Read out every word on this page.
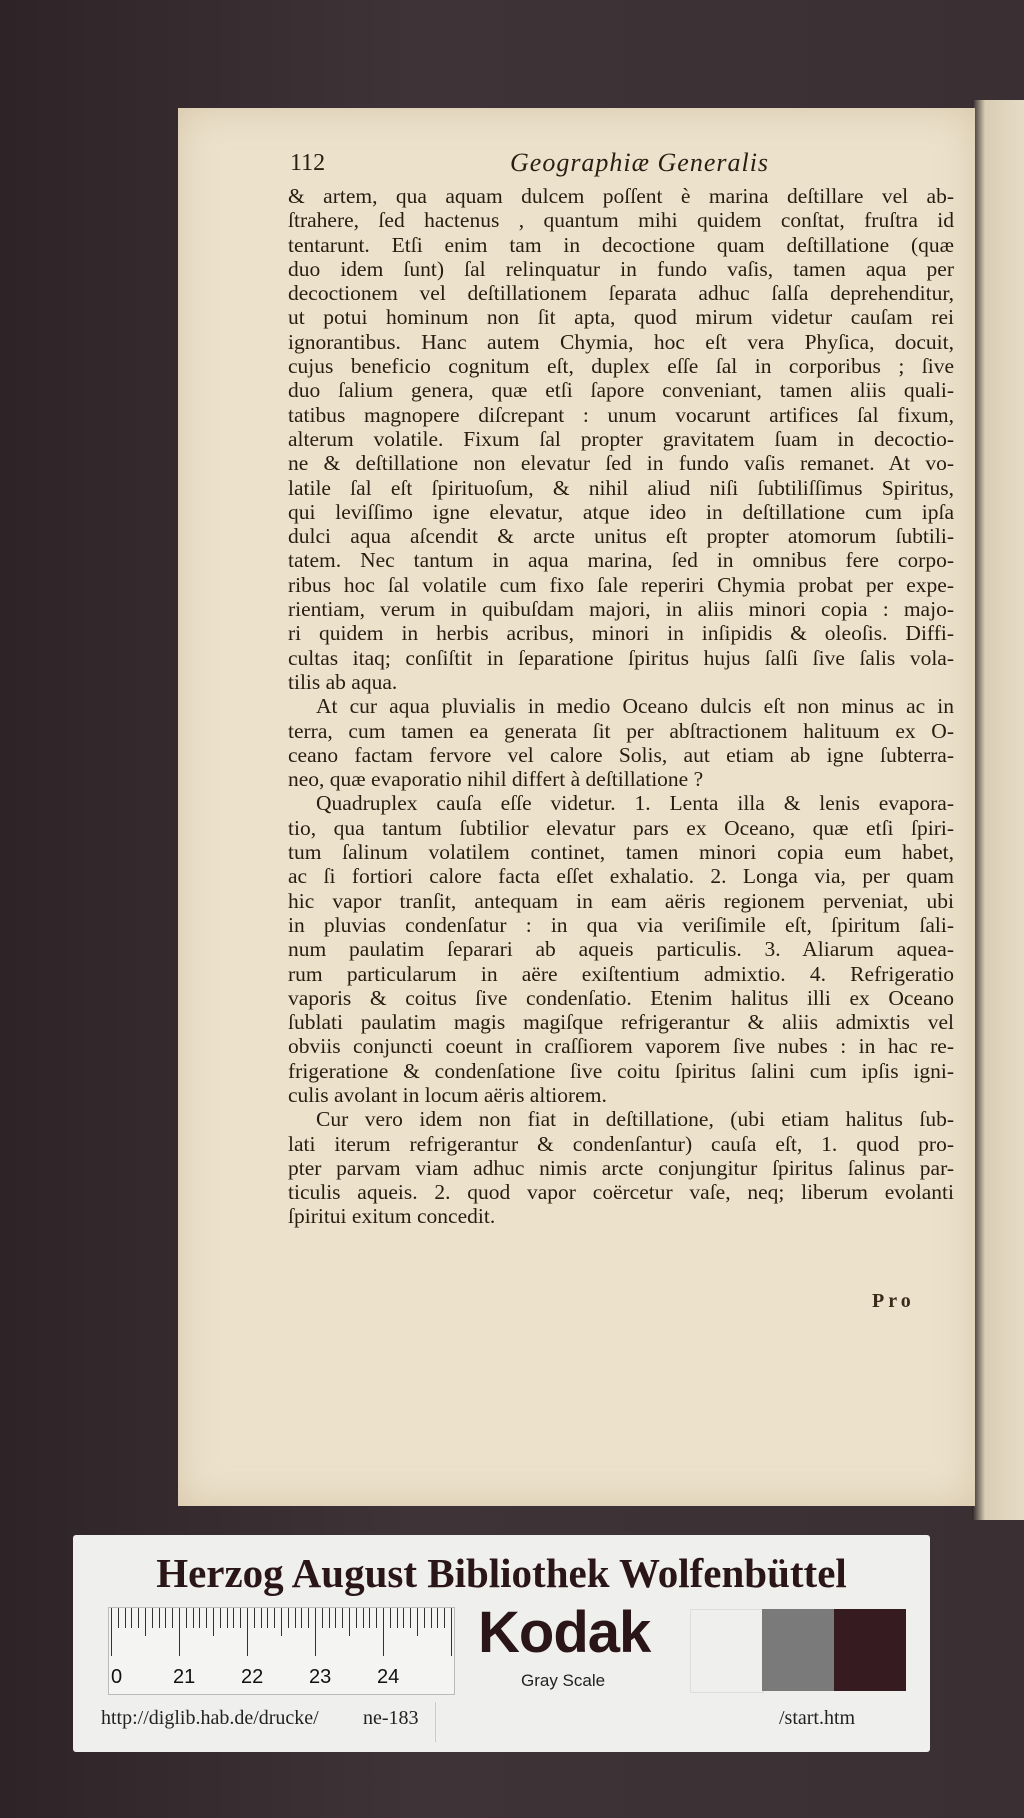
112	Geographiæ Generalis
& artem, qua aquam dulcem poſſent è marina deſtillare vel ab-
ſtrahere, ſed hactenus , quantum mihi quidem conſtat, fruſtra id
tentarunt. Etſi enim tam in decoctione quam deſtillatione (quæ
duo idem ſunt) ſal relinquatur in fundo vaſis, tamen aqua per
decoctionem vel deſtillationem ſeparata adhuc ſalſa deprehenditur,
ut potui hominum non ſit apta, quod mirum videtur cauſam rei
ignorantibus. Hanc autem Chymia, hoc eſt vera Phyſica, docuit,
cujus beneficio cognitum eſt, duplex eſſe ſal in corporibus ; ſive
duo ſalium genera, quæ etſi ſapore conveniant, tamen aliis quali-
tatibus magnopere diſcrepant : unum vocarunt artifices ſal fixum,
alterum volatile. Fixum ſal propter gravitatem ſuam in decoctio-
ne & deſtillatione non elevatur ſed in fundo vaſis remanet. At vo-
latile ſal eſt ſpirituoſum, & nihil aliud niſi ſubtiliſſimus Spiritus,
qui leviſſimo igne elevatur, atque ideo in deſtillatione cum ipſa
dulci aqua aſcendit & arcte unitus eſt propter atomorum ſubtili-
tatem. Nec tantum in aqua marina, ſed in omnibus fere corpo-
ribus hoc ſal volatile cum fixo ſale reperiri Chymia probat per expe-
rientiam, verum in quibuſdam majori, in aliis minori copia : majo-
ri quidem in herbis acribus, minori in inſipidis & oleoſis. Diffi-
cultas itaq; conſiſtit in ſeparatione ſpiritus hujus ſalſi ſive ſalis vola-
tilis ab aqua.
At cur aqua pluvialis in medio Oceano dulcis eſt non minus ac in
terra, cum tamen ea generata ſit per abſtractionem halituum ex O-
ceano factam fervore vel calore Solis, aut etiam ab igne ſubterra-
neo, quæ evaporatio nihil differt à deſtillatione ?
Quadruplex cauſa eſſe videtur. 1. Lenta illa & lenis evapora-
tio, qua tantum ſubtilior elevatur pars ex Oceano, quæ etſi ſpiri-
tum ſalinum volatilem continet, tamen minori copia eum habet,
ac ſi fortiori calore facta eſſet exhalatio. 2. Longa via, per quam
hic vapor tranſit, antequam in eam aëris regionem perveniat, ubi
in pluvias condenſatur : in qua via veriſimile eſt, ſpiritum ſali-
num paulatim ſeparari ab aqueis particulis. 3. Aliarum aquea-
rum particularum in aëre exiſtentium admixtio. 4. Refrigeratio
vaporis & coitus ſive condenſatio. Etenim halitus illi ex Oceano
ſublati paulatim magis magiſque refrigerantur & aliis admixtis vel
obviis conjuncti coeunt in craſſiorem vaporem ſive nubes : in hac re-
frigeratione & condenſatione ſive coitu ſpiritus ſalini cum ipſis igni-
culis avolant in locum aëris altiorem.
Cur vero idem non fiat in deſtillatione, (ubi etiam halitus ſub-
lati iterum refrigerantur & condenſantur) cauſa eſt, 1. quod pro-
pter parvam viam adhuc nimis arcte conjungitur ſpiritus ſalinus par-
ticulis aqueis. 2. quod vapor coërcetur vaſe, neq; liberum evolanti
ſpiritui exitum concedit.
Pro
Herzog August Bibliothek Wolfenbüttel
0	21 22 23 24
Kodak
Gray Scale
http://diglib.hab.de/drucke/ ne-183	/start.htm
